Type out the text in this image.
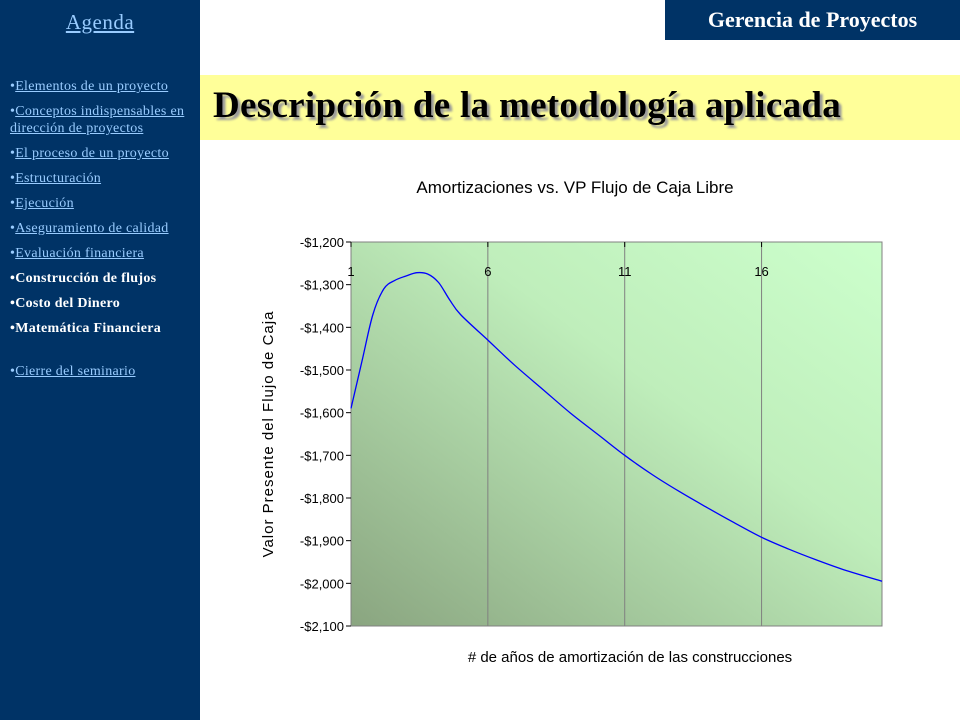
Agenda
•Elementos de un proyecto
•Conceptos indispensables en dirección de proyectos
•El proceso de un proyecto
•Estructuración
•Ejecución
•Aseguramiento de calidad
•Evaluación financiera
•Construcción de flujos
•Costo del Dinero
•Matemática Financiera
•Cierre del seminario
Gerencia de Proyectos
Descripción de la metodología aplicada
Amortizaciones vs. VP Flujo de Caja Libre
-$1,200
-$1,300
-$1,400
-$1,500
-$1,600
-$1,700
-$1,800
-$1,900
-$2,000
-$2,100
1	6	11	16
# de años de amortización de las construcciones
Valor Presente del Flujo de Caja
